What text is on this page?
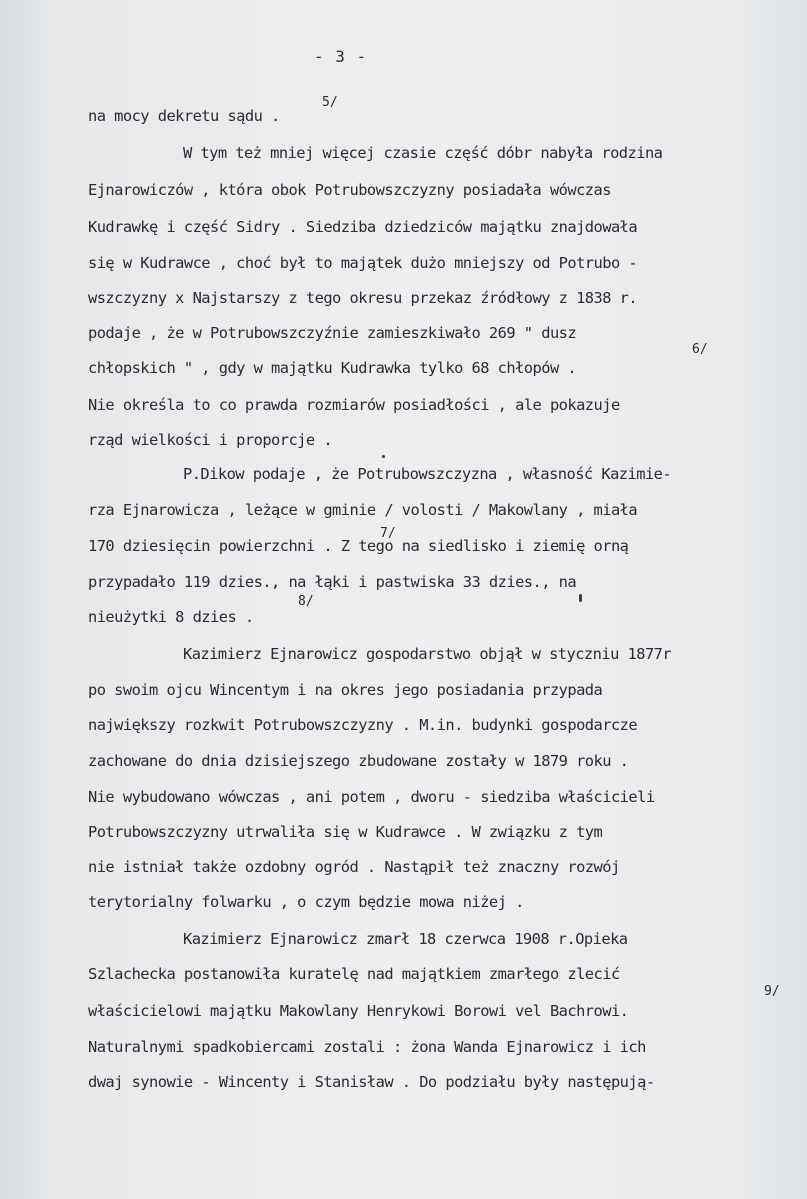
- 3 -
na mocy dekretu sądu .
5/
W tym też mniej więcej czasie część dóbr nabyła rodzina
Ejnarowiczów , która obok Potrubowszczyzny posiadała wówczas
Kudrawkę i część Sidry . Siedziba dziedziców majątku znajdowała
się w Kudrawce , choć był to majątek dużo mniejszy od Potrubo -
wszczyzny x Najstarszy z tego okresu przekaz źródłowy z 1838 r.
podaje , że w Potrubowszczyźnie zamieszkiwało 269 " dusz
chłopskich " , gdy w majątku Kudrawka tylko 68 chłopów .
6/
Nie określa to co prawda rozmiarów posiadłości , ale pokazuje
rząd wielkości i proporcje .
P.Dikow podaje , że Potrubowszczyzna , własność Kazimie-
rza Ejnarowicza , leżące w gminie / volosti / Makowlany , miała
170 dziesięcin powierzchni . Z tego na siedlisko i ziemię orną
7/
przypadało 119 dzies., na łąki i pastwiska 33 dzies., na
nieużytki 8 dzies .
8/
Kazimierz Ejnarowicz gospodarstwo objął w styczniu 1877r
po swoim ojcu Wincentym i na okres jego posiadania przypada
największy rozkwit Potrubowszczyzny . M.in. budynki gospodarcze
zachowane do dnia dzisiejszego zbudowane zostały w 1879 roku .
Nie wybudowano wówczas , ani potem , dworu - siedziba właścicieli
Potrubowszczyzny utrwaliła się w Kudrawce . W związku z tym
nie istniał także ozdobny ogród . Nastąpił też znaczny rozwój
terytorialny folwarku , o czym będzie mowa niżej .
Kazimierz Ejnarowicz zmarł 18 czerwca 1908 r.Opieka
Szlachecka postanowiła kuratelę nad majątkiem zmarłego zlecić
właścicielowi majątku Makowlany Henrykowi Borowi vel Bachrowi.
9/
Naturalnymi spadkobiercami zostali : żona Wanda Ejnarowicz i ich
dwaj synowie - Wincenty i Stanisław . Do podziału były następują-
